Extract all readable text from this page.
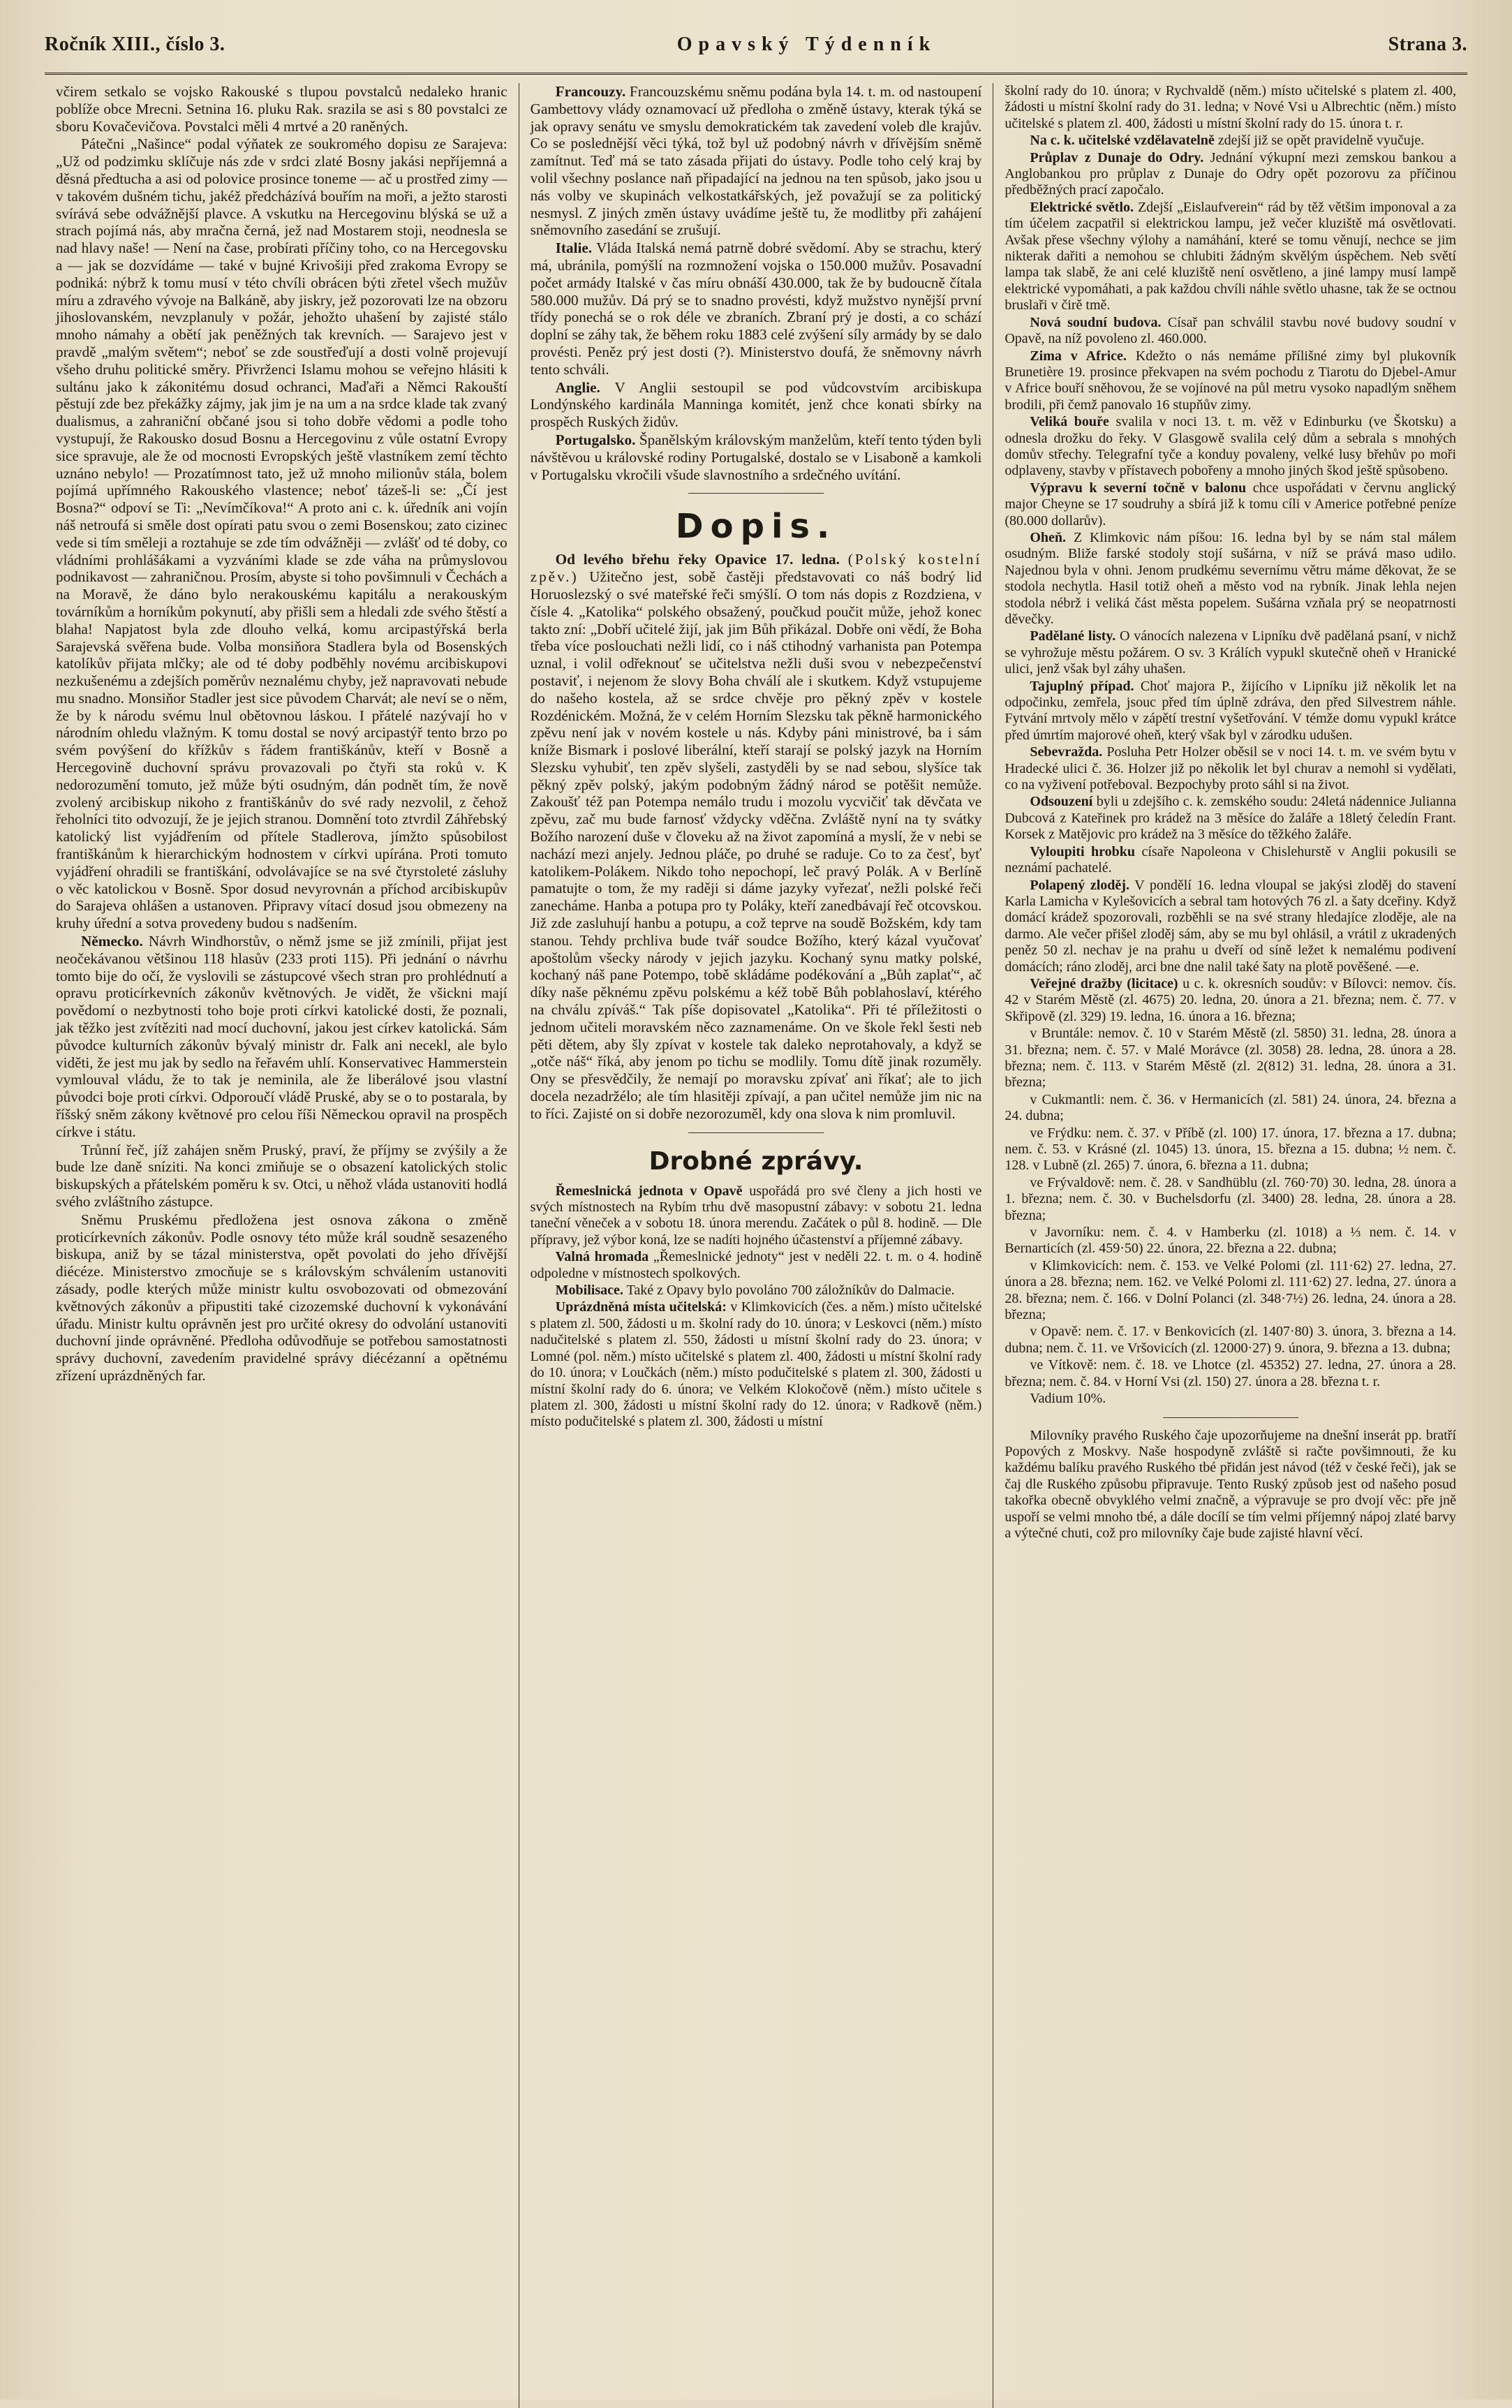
Ročník XIII., číslo 3.	Opavský Týdenník	Strana 3.

včirem setkalo se vojsko Rakouské s tlupou povstalců nedaleko hranic poblíže obce Mrecni. Setnina 16. pluku Rak. srazila se asi s 80 povstalci ze sboru Kovačevičova. Povstalci měli 4 mrtvé a 20 raněných.

Pátečni „Našince“ podal výňatek ze soukromého dopisu ze Sarajeva: „Už od podzimku sklíčuje nás zde v srdci zlaté Bosny jakási nepříjemná a děsná předtucha a asi od polovice prosince toneme — ač u prostřed zimy — v takovém dušném tichu, jakéž předcházívá bouřím na moři, a ježto starosti svírává sebe odvážnější plavce. A vskutku na Hercegovinu blýská se už a strach pojímá nás, aby mračna černá, jež nad Mostarem stoji, neodnesla se nad hlavy naše! — Není na čase, probírati příčiny toho, co na Hercegovsku a — jak se dozvídáme — také v bujné Krivošiji před zrakoma Evropy se podniká: nýbrž k tomu musí v této chvíli obrácen býti zřetel všech mužův míru a zdravého vývoje na Balkáně, aby jiskry, jež pozorovati lze na obzoru jihoslovanském, nevzplanuly v požár, jehožto uhašení by zajisté stálo mnoho námahy a obětí jak peněžných tak krevních. — Sarajevo jest v pravdě „malým světem“; neboť se zde soustřeďují a dosti volně projevují všeho druhu politické směry. Přivrženci Islamu mohou se veřejno hlásiti k sultánu jako k zákonitému dosud ochranci, Maďaři a Němci Rakouští pěstují zde bez překážky zájmy, jak jim je na um a na srdce klade tak zvaný dualismus, a zahraniční občané jsou si toho dobře vědomi a podle toho vystupují, že Rakousko dosud Bosnu a Hercegovinu z vůle ostatní Evropy sice spravuje, ale že od mocnosti Evropských ještě vlastníkem zemí těchto uznáno nebylo! — Prozatímnost tato, jež už mnoho milionův stála, bolem pojímá upřímného Rakouského vlastence; neboť tázeš-li se: „Čí jest Bosna?“ odpoví se Ti: „Nevímčíkova!“ A proto ani c. k. úředník ani vojín náš netroufá si směle dost opírati patu svou o zemi Bosenskou; zato cizinec vede si tím směleji a roztahuje se zde tím odvážněji — zvlášť od té doby, co vládními prohlášákami a vyzváními klade se zde váha na průmyslovou podnikavost — zahraničnou. Prosím, abyste si toho povšimnuli v Čechách a na Moravě, že dáno bylo nerakouskému kapitálu a nerakouským továrníkům a horníkům pokynutí, aby přišli sem a hledali zde svého štěstí a blaha! Napjatost byla zde dlouho velká, komu arcipastýřská berla Sarajevská svěřena bude. Volba monsiňora Stadlera byla od Bosenských katolíkův přijata mlčky; ale od té doby podběhly novému arcibiskupovi nezkušenému a zdejších poměrův neznalému chyby, jež napravovati nebude mu snadno. Monsiňor Stadler jest sice původem Charvát; ale neví se o něm, že by k národu svému lnul obětovnou láskou. I přátelé nazývají ho v národním ohledu vlažným. K tomu dostal se nový arcipastýř tento brzo po svém povýšení do křížkův s řádem františkánův, kteří v Bosně a Hercegovině duchovní správu provazovali po čtyři sta roků v. K nedorozumění tomuto, jež může býti osudným, dán podnět tím, že nově zvolený arcibiskup nikoho z františkánův do své rady nezvolil, z čehož řeholníci tito odvozují, že je jejich stranou. Domnění toto ztvrdil Záhřebský katolický list vyjádřením od přítele Stadlerova, jímžto spůsobilost františkánům k hierarchickým hodnostem v církvi upírána. Proti tomuto vyjádření ohradili se františkání, odvolávajíce se na své čtyrstoleté zásluhy o věc katolickou v Bosně. Spor dosud nevyrovnán a příchod arcibiskupův do Sarajeva ohlášen a ustanoven. Připravy vítací dosud jsou obmezeny na kruhy úřední a sotva provedeny budou s nadšením.

Německo. Návrh Windhorstův, o němž jsme se již zmínili, přijat jest neočekávanou většinou 118 hlasův (233 proti 115). Při jednání o návrhu tomto bije do očí, že vyslovili se zástupcové všech stran pro prohlédnutí a opravu proticírkevních zákonův květnových. Je vidět, že všickni mají povědomí o nezbytnosti toho boje proti církvi katolické dosti, že poznali, jak těžko jest zvítěziti nad mocí duchovní, jakou jest církev katolická. Sám původce kulturních zákonův bývalý ministr dr. Falk ani necekl, ale bylo viděti, že jest mu jak by sedlo na řeřavém uhlí. Konservativec Hammerstein vymlouval vládu, že to tak je neminila, ale že liberálové jsou vlastní původci boje proti církvi. Odporoučí vládě Pruské, aby se o to postarala, by říšský sněm zákony květnové pro celou říši Německou opravil na prospěch církve i státu.

Trůnní řeč, jíž zahájen sněm Pruský, praví, že příjmy se zvýšily a že bude lze daně sníziti. Na konci zmiňuje se o obsazení katolických stolic biskupských a přátelském poměru k sv. Otci, u něhož vláda ustanoviti hodlá svého zvláštního zástupce.

Sněmu Pruskému předložena jest osnova zákona o změně proticírkevních zákonův. Podle osnovy této může král soudně sesazeného biskupa, aniž by se tázal ministerstva, opět povolati do jeho dřívější diécéze. Ministerstvo zmocňuje se s královským schválením ustanoviti zásady, podle kterých může ministr kultu osvobozovati od obmezování květnových zákonův a připustiti také cizozemské duchovní k vykonávání úřadu. Ministr kultu oprávněn jest pro určité okresy do odvolání ustanoviti duchovní jinde oprávněné. Předloha odůvodňuje se potřebou samostatnosti správy duchovní, zavedením pravidelné správy diécézanní a opětnému zřízení uprázdněných far.

Francouzy. Francouzskému sněmu podána byla 14. t. m. od nastoupení Gambettovy vlády oznamovací už předloha o změně ústavy, kterak týká se jak opravy senátu ve smyslu demokratickém tak zavedení voleb dle krajův. Co se poslednější věci týká, tož byl už podobný návrh v dřívějším sněmě zamítnut. Teď má se tato zásada přijati do ústavy. Podle toho celý kraj by volil všechny poslance naň připadající na jednou na ten spůsob, jako jsou u nás volby ve skupinách velkostatkářských, jež považují se za politický nesmysl. Z jiných změn ústavy uvádíme ještě tu, že modlitby při zahájení sněmovního zasedání se zrušují.

Italie. Vláda Italská nemá patrně dobré svědomí. Aby se strachu, který má, ubránila, pomýšlí na rozmnožení vojska o 150.000 mužův. Posavadní počet armády Italské v čas míru obnáší 430.000, tak že by budoucně čítala 580.000 mužův. Dá prý se to snadno provésti, když mužstvo nynější první třídy ponechá se o rok déle ve zbraních. Zbraní prý je dosti, a co schází doplní se záhy tak, že během roku 1883 celé zvýšení síly armády by se dalo provésti. Peněz prý jest dosti (?). Ministerstvo doufá, že sněmovny návrh tento schváli.

Anglie. V Anglii sestoupil se pod vůdcovstvím arcibiskupa Londýnského kardinála Manninga komitét, jenž chce konati sbírky na prospěch Ruských židův.

Portugalsko. Španělským královským manželům, kteří tento týden byli návštěvou u královské rodiny Portugalské, dostalo se v Lisaboně a kamkoli v Portugalsku vkročili všude slavnostního a srdečného uvítání.

Dopis.

Od levého břehu řeky Opavice 17. ledna. (Polský kostelní zpěv.) Užitečno jest, sobě častěji představovati co náš bodrý lid Horuoslezský o své mateřské řeči smýšlí. O tom nás dopis z Rozdziena, v čísle 4. „Katolika“ polského obsažený, poučkud poučit může, jehož konec takto zní: „Dobří učitelé žijí, jak jim Bůh přikázal. Dobře oni vědí, že Boha třeba více poslouchati nežli lidí, co i náš ctihodný varhanista pan Potempa uznal, i volil odřeknouť se učitelstva nežli duši svou v nebezpečenství postaviť, i nejenom že slovy Boha chválí ale i skutkem. Když vstupujeme do našeho kostela, až se srdce chvěje pro pěkný zpěv v kostele Rozdénickém. Možná, že v celém Horním Slezsku tak pěkně harmonického zpěvu není jak v novém kostele u nás. Kdyby páni ministrové, ba i sám kníže Bismark i poslové liberální, kteří starají se polský jazyk na Horním Slezsku vyhubiť, ten zpěv slyšeli, zastyděli by se nad sebou, slyšíce tak pěkný zpěv polský, jakým podobným žádný národ se potěšit nemůže. Zakoušť též pan Potempa nemálo trudu i mozolu vycvičiť tak děvčata ve zpěvu, zač mu bude farnosť vždycky vděčna. Zvláště nyní na ty svátky Božího narození duše v človeku až na život zapomíná a myslí, že v nebi se nachází mezi anjely. Jednou pláče, po druhé se raduje. Co to za česť, byť katolikem-Polákem. Nikdo toho nepochopí, leč pravý Polák. A v Berlíně pamatujte o tom, že my raději si dáme jazyky vyřezať, nežli polské řeči zanecháme. Hanba a potupa pro ty Poláky, kteří zanedbávají řeč otcovskou. Již zde zasluhují hanbu a potupu, a což teprve na soudě Božském, kdy tam stanou. Tehdy prchliva bude tvář soudce Božího, který kázal vyučovať apoštolům všecky národy v jejich jazyku. Kochaný synu matky polské, kochaný náš pane Potempo, tobě skládáme podékování a „Bůh zaplať“, ač díky naše pěknému zpěvu polskému a kéž tobě Bůh poblahoslaví, ktérého na chválu zpíváš.“ Tak píše dopisovatel „Katolika“. Při té příležitosti o jednom učiteli moravském něco zaznamenáme. On ve škole řekl šesti neb pěti dětem, aby šly zpívat v kostele tak daleko neprotahovaly, a když se „otče náš“ říká, aby jenom po tichu se modlily. Tomu dítě jinak rozuměly. Ony se přesvědčily, že nemají po moravsku zpívať ani říkať; ale to jich docela nezadržélo; ale tím hlasitěji zpívají, a pan učitel nemůže jim nic na to říci. Zajisté on si dobře nezorozuměl, kdy ona slova k nim promluvil.

Drobné zprávy.

Řemeslnická jednota v Opavě uspořádá pro své členy a jich hosti ve svých místnostech na Rybím trhu dvě masopustní zábavy: v sobotu 21. ledna taneční věneček a v sobotu 18. února merendu. Začátek o půl 8. hodině. — Dle přípravy, jež výbor koná, lze se nadíti hojného účastenství a příjemné zábavy.

Valná hromada „Řemeslnické jednoty“ jest v neděli 22. t. m. o 4. hodině odpoledne v místnostech spolkových.

Mobilisace. Také z Opavy bylo povoláno 700 záložníkův do Dalmacie.

Uprázdněná místa učitelská: v Klimkovicích (čes. a něm.) místo učitelské s platem zl. 500, žádosti u m. školní rady do 10. února; v Leskovci (něm.) místo nadučitelské s platem zl. 550, žádosti u místní školní rady do 23. února; v Lomné (pol. něm.) místo učitelské s platem zl. 400, žádosti u místní školní rady do 10. února; v Loučkách (něm.) místo podučitelské s platem zl. 300, žádosti u místní školní rady do 6. února; ve Velkém Klokočově (něm.) místo učitele s platem zl. 300, žádosti u místní školní rady do 12. února; v Radkově (něm.) místo podučitelské s platem zl. 300, žádosti u místní

školní rady do 10. února; v Rychvaldě (něm.) místo učitelské s platem zl. 400, žádosti u místní školní rady do 31. ledna; v Nové Vsi u Albrechtic (něm.) místo učitelské s platem zl. 400, žádosti u místní školní rady do 15. února t. r.

Na c. k. učitelské vzdělavatelně zdejší již se opět pravidelně vyučuje.

Průplav z Dunaje do Odry. Jednání výkupní mezi zemskou bankou a Anglobankou pro průplav z Dunaje do Odry opět pozorovu za příčinou předběžných prací započalo.

Elektrické světlo. Zdejší „Eislaufverein“ rád by těž většim imponoval a za tím účelem zacpatřil si elektrickou lampu, jež večer kluziště má osvětlovati. Avšak přese všechny výlohy a namáhání, které se tomu věnují, nechce se jim nikterak dařiti a nemohou se chlubiti žádným skvělým úspěchem. Neb světí lampa tak slabě, že ani celé kluziště není osvětleno, a jiné lampy musí lampě elektrické vypomáhati, a pak každou chvíli náhle světlo uhasne, tak že se octnou bruslaři v čirě tmě.

Nová soudní budova. Císař pan schválil stavbu nové budovy soudní v Opavě, na níž povoleno zl. 460.000.

Zima v Africe. Kdežto o nás nemáme přílišné zimy byl plukovník Brunetière 19. prosince překvapen na svém pochodu z Tiarotu do Djebel-Amur v Africe bouří sněhovou, že se vojínové na půl metru vysoko napadlým sněhem brodili, při čemž panovalo 16 stupňův zimy.

Veliká bouře svalila v noci 13. t. m. věž v Edinburku (ve Škotsku) a odnesla drožku do řeky. V Glasgowě svalila celý dům a sebrala s mnohých domův střechy. Telegrafní tyče a konduy povaleny, velké lusy břehův po moři odplaveny, stavby v přístavech pobořeny a mnoho jiných škod ještě spůsobeno.

Výpravu k severní točně v balonu chce uspořádati v červnu anglický major Cheyne se 17 soudruhy a sbírá již k tomu cíli v Americe potřebné peníze (80.000 dollarův).

Oheň. Z Klimkovic nám píšou: 16. ledna byl by se nám stal málem osudným. Bliže farské stodoly stojí sušárna, v níž se prává maso udilo. Najednou byla v ohni. Jenom prudkému severnímu větru máme děkovat, že se stodola nechytla. Hasil totiž oheň a město vod na rybník. Jinak lehla nejen stodola nébrž i veliká část města popelem. Sušárna vzňala prý se neopatrnosti děvečky.

Padělané listy. O vánocích nalezena v Lipníku dvě padělaná psaní, v nichž se vyhrožuje městu požárem. O sv. 3 Králích vypukl skutečně oheň v Hranické ulici, jenž však byl záhy uhašen.

Tajuplný případ. Choť majora P., žijícího v Lipníku již několik let na odpočinku, zemřela, jsouc před tím úplně zdráva, den před Silvestrem náhle. Fytvání mrtvoly mělo v zápětí trestní vyšetřování. V témže domu vypukl krátce před úmrtím majorové oheň, který však byl v zárodku udušen.

Sebevražda. Posluha Petr Holzer oběsil se v noci 14. t. m. ve svém bytu v Hradecké ulici č. 36. Holzer již po několik let byl churav a nemohl si vydělati, co na vyživení potřeboval. Bezpochyby proto sáhl si na život.

Odsouzení byli u zdejšího c. k. zemského soudu: 24letá nádennice Julianna Dubcová z Kateřinek pro krádež na 3 měsíce do žaláře a 18letý čeledín Frant. Korsek z Matějovic pro krádež na 3 měsíce do těžkého žaláře.

Vyloupiti hrobku císaře Napoleona v Chislehurstě v Anglii pokusili se neznámí pachatelé.

Polapený zloděj. V pondělí 16. ledna vloupal se jakýsi zloděj do stavení Karla Lamicha v Kylešovicích a sebral tam hotových 76 zl. a šaty dceřiny. Když domácí krádež spozorovali, rozběhli se na své strany hledajíce zloděje, ale na darmo. Ale večer přišel zloděj sám, aby se mu byl ohlásil, a vrátil z ukradených peněz 50 zl. nechav je na prahu u dveří od síně ležet k nemalému podivení domácích; ráno zloděj, arci bne dne nalil také šaty na plotě pověšené. —e.

Veřejné dražby (licitace) u c. k. okresních soudův: v Bílovci: nemov. čís. 42 v Starém Městě (zl. 4675) 20. ledna, 20. února a 21. března; nem. č. 77. v Skřipově (zl. 329) 19. ledna, 16. února a 16. března;

v Bruntále: nemov. č. 10 v Starém Městě (zl. 5850) 31. ledna, 28. února a 31. března; nem. č. 57. v Malé Morávce (zl. 3058) 28. ledna, 28. února a 28. března; nem. č. 113. v Starém Městě (zl. 2(812) 31. ledna, 28. února a 31. března;

v Cukmantli: nem. č. 36. v Hermanicích (zl. 581) 24. února, 24. března a 24. dubna;

ve Frýdku: nem. č. 37. v Příbě (zl. 100) 17. února, 17. března a 17. dubna; nem. č. 53. v Krásné (zl. 1045) 13. února, 15. března a 15. dubna; ½ nem. č. 128. v Lubně (zl. 265) 7. února, 6. března a 11. dubna;

ve Frývaldově: nem. č. 28. v Sandhüblu (zl. 760·70) 30. ledna, 28. února a 1. března; nem. č. 30. v Buchelsdorfu (zl. 3400) 28. ledna, 28. února a 28. března;

v Javorníku: nem. č. 4. v Hamberku (zl. 1018) a ⅓ nem. č. 14. v Bernarticích (zl. 459·50) 22. února, 22. března a 22. dubna;

v Klimkovicích: nem. č. 153. ve Velké Polomi (zl. 111·62) 27. ledna, 27. února a 28. března; nem. 162. ve Velké Polomi zl. 111·62) 27. ledna, 27. února a 28. března; nem. č. 166. v Dolní Polanci (zl. 348·7½) 26. ledna, 24. února a 28. března;

v Opavě: nem. č. 17. v Benkovicích (zl. 1407·80) 3. února, 3. března a 14. dubna; nem. č. 11. ve Vršovicích (zl. 12000·27) 9. února, 9. března a 13. dubna;

ve Vítkově: nem. č. 18. ve Lhotce (zl. 45352) 27. ledna, 27. února a 28. března; nem. č. 84. v Horní Vsi (zl. 150) 27. února a 28. března t. r.

Vadium 10%.

Milovníky pravého Ruského čaje upozorňujeme na dnešní inserát pp. bratří Popových z Moskvy. Naše hospodyně zvláště si račte povšimnouti, že ku každému balíku pravého Ruského tbé přidán jest návod (též v české řeči), jak se čaj dle Ruského způsobu připravuje. Tento Ruský způsob jest od našeho posud takořka obecně obvyklého velmi značně, a výpravuje se pro dvojí věc: pře jně uspoří se velmi mnoho tbé, a dále docílí se tím velmi příjemný nápoj zlaté barvy a výtečné chuti, což pro milovníky čaje bude zajisté hlavní věcí.
